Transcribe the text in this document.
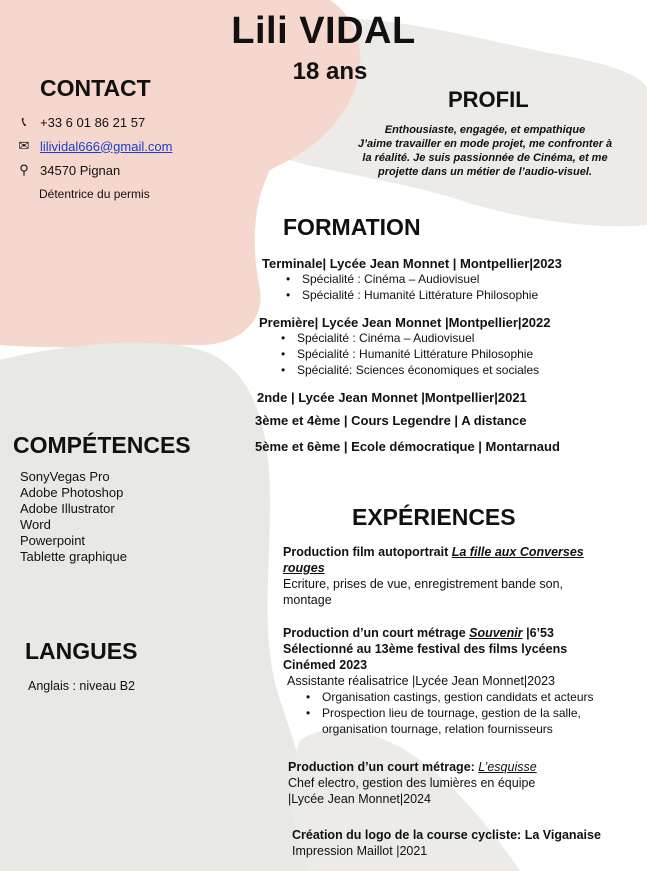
Lili VIDAL
18 ans
CONTACT
📞︎	+33 6 01 86 21 57
✉︎ lilividal666@gmail.com
⚲ 34570 Pignan
Détentrice du permis
PROFIL
Enthousiaste, engagée, et empathique
J’aime travailler en mode projet, me confronter à
la réalité. Je suis passionnée de Cinéma, et me
projette dans un métier de l’audio-visuel.
FORMATION
Terminale| Lycée Jean Monnet | Montpellier|2023
• Spécialité : Cinéma – Audiovisuel
• Spécialité : Humanité Littérature Philosophie
Première| Lycée Jean Monnet |Montpellier|2022
• Spécialité : Cinéma – Audiovisuel
• Spécialité : Humanité Littérature Philosophie
• Spécialité: Sciences économiques et sociales
2nde | Lycée Jean Monnet |Montpellier|2021
3ème et 4ème | Cours Legendre | A distance
5ème et 6ème | Ecole démocratique | Montarnaud
COMPÉTENCES
SonyVegas Pro
Adobe Photoshop
Adobe Illustrator
Word
Powerpoint
Tablette graphique
LANGUES
Anglais : niveau B2
EXPÉRIENCES
Production film autoportrait La fille aux Converses
rouges
Ecriture, prises de vue, enregistrement bande son,
montage
Production d’un court métrage Souvenir |6’53
Sélectionné au 13ème festival des films lycéens
Cinémed 2023
Assistante réalisatrice |Lycée Jean Monnet|2023
• Organisation castings, gestion candidats et acteurs
• Prospection lieu de tournage, gestion de la salle,
organisation tournage, relation fournisseurs
Production d’un court métrage: L’esquisse
Chef electro, gestion des lumières en équipe
|Lycée Jean Monnet|2024
Création du logo de la course cycliste: La Viganaise
Impression Maillot |2021
